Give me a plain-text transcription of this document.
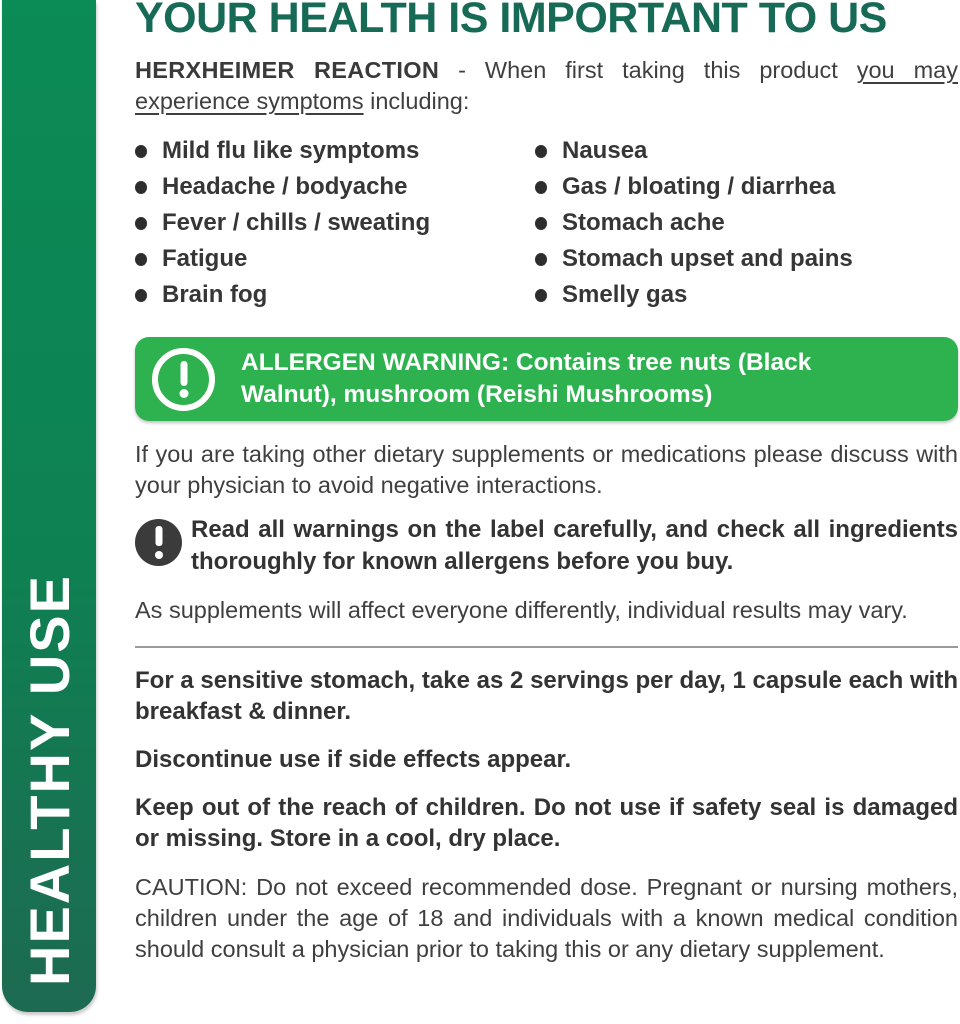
HEALTHY USE
YOUR HEALTH IS IMPORTANT TO US

HERXHEIMER REACTION - When first taking this product you may experience symptoms including:

Mild flu like symptoms
Headache / bodyache
Fever / chills / sweating
Fatigue
Brain fog
Nausea
Gas / bloating / diarrhea
Stomach ache
Stomach upset and pains
Smelly gas

ALLERGEN WARNING: Contains tree nuts (Black Walnut), mushroom (Reishi Mushrooms)

If you are taking other dietary supplements or medications please discuss with your physician to avoid negative interactions.

Read all warnings on the label carefully, and check all ingredients thoroughly for known allergens before you buy.

As supplements will affect everyone differently, individual results may vary.

For a sensitive stomach, take as 2 servings per day, 1 capsule each with breakfast & dinner.

Discontinue use if side effects appear.

Keep out of the reach of children. Do not use if safety seal is damaged or missing. Store in a cool, dry place.

CAUTION: Do not exceed recommended dose. Pregnant or nursing mothers, children under the age of 18 and individuals with a known medical condition should consult a physician prior to taking this or any dietary supplement.
